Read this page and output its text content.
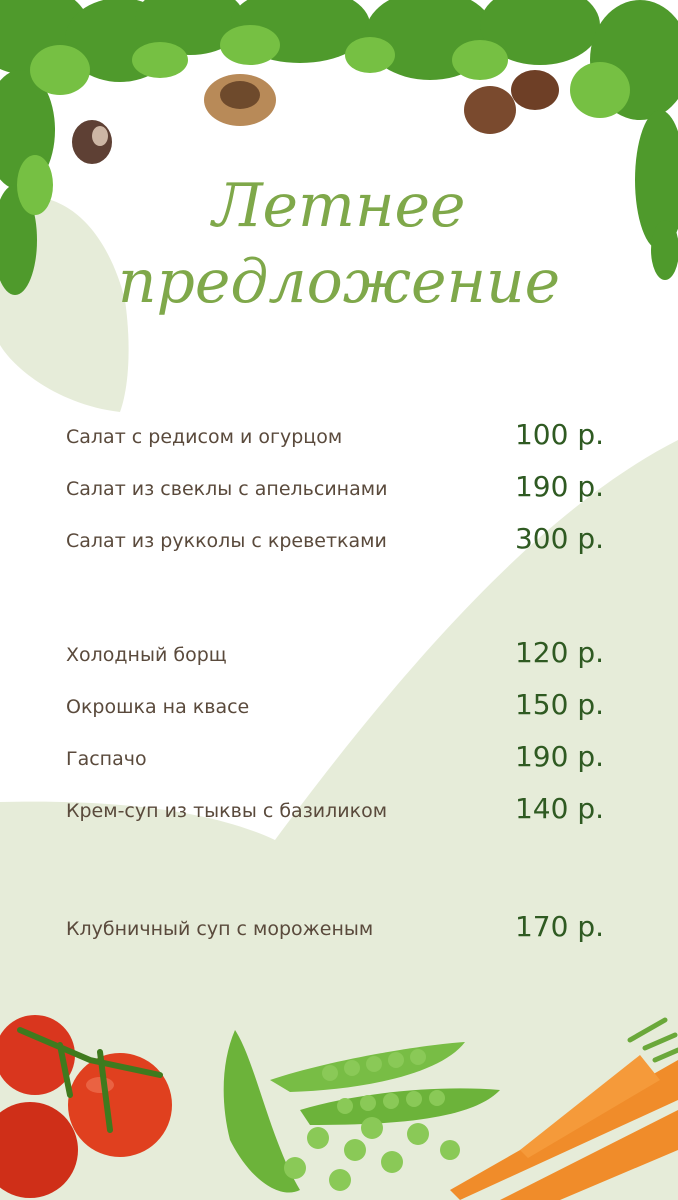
Летнее
предложение
Салат с редисом и огурцом	100 р.
Салат из свеклы с апельсинами	190 р.
Салат из рукколы с креветками	300 р.
Холодный борщ	120 р.
Окрошка на квасе	150 р.
Гаспачо	190 р.
Крем-суп из тыквы с базиликом	140 р.
Клубничный суп с мороженым	170 р.
